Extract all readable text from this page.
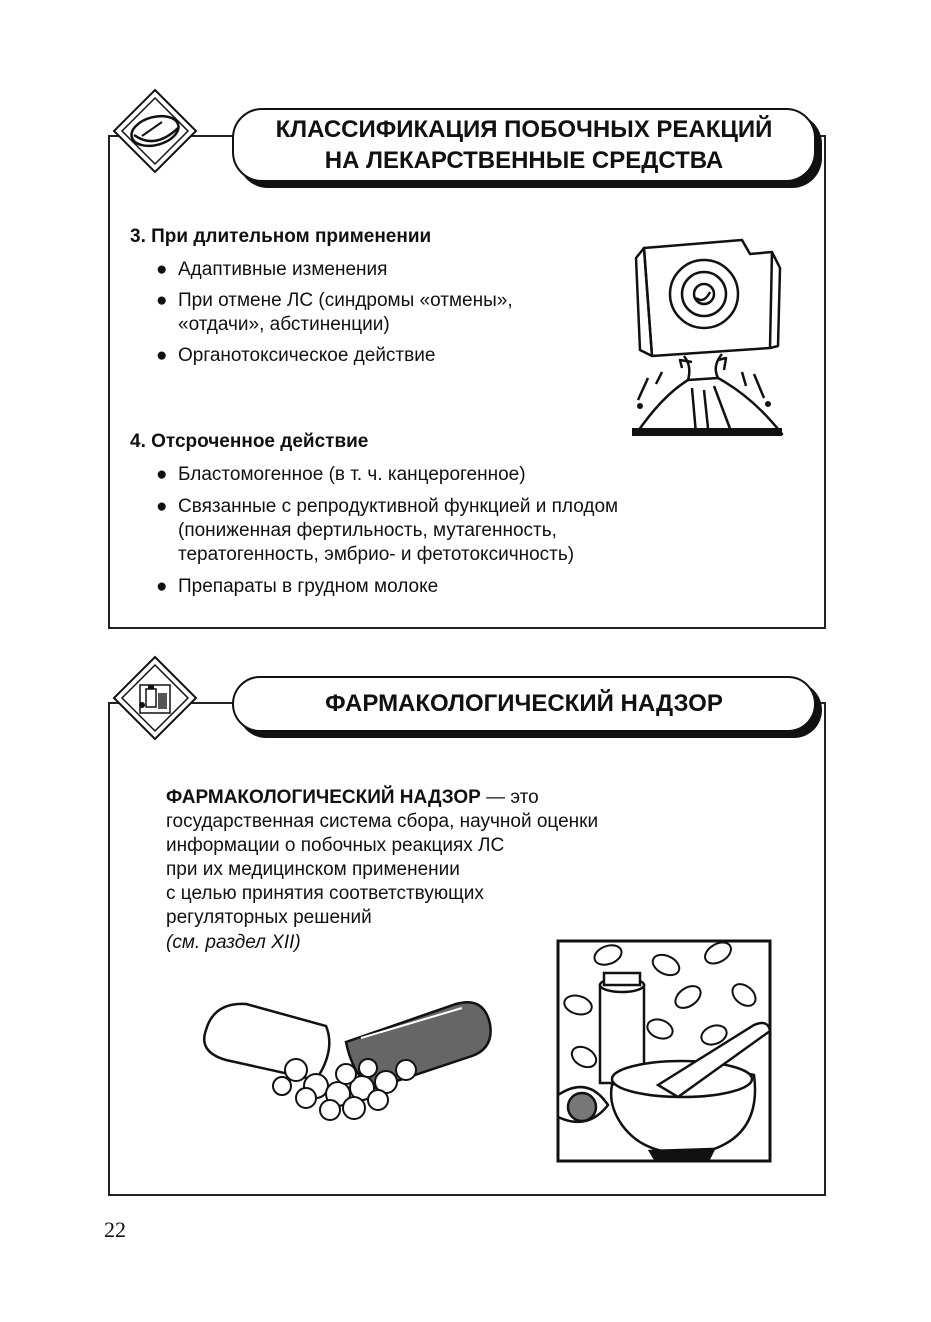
КЛАССИФИКАЦИЯ ПОБОЧНЫХ РЕАКЦИЙ
НА ЛЕКАРСТВЕННЫЕ СРЕДСТВА
3. При длительном применении
● Адаптивные изменения
● При отмене ЛС (синдромы «отмены»,
«отдачи», абстиненции)
● Органотоксическое действие
4. Отсроченное действие
● Бластомогенное (в т. ч. канцерогенное)
● Связанные с репродуктивной функцией и плодом
(пониженная фертильность, мутагенность,
тератогенность, эмбрио- и фетотоксичность)
● Препараты в грудном молоке
ФАРМАКОЛОГИЧЕСКИЙ НАДЗОР
ФАРМАКОЛОГИЧЕСКИЙ НАДЗОР — это
государственная система сбора, научной оценки
информации о побочных реакциях ЛС
при их медицинском применении
с целью принятия соответствующих
регуляторных решений
(см. раздел XII)
22
